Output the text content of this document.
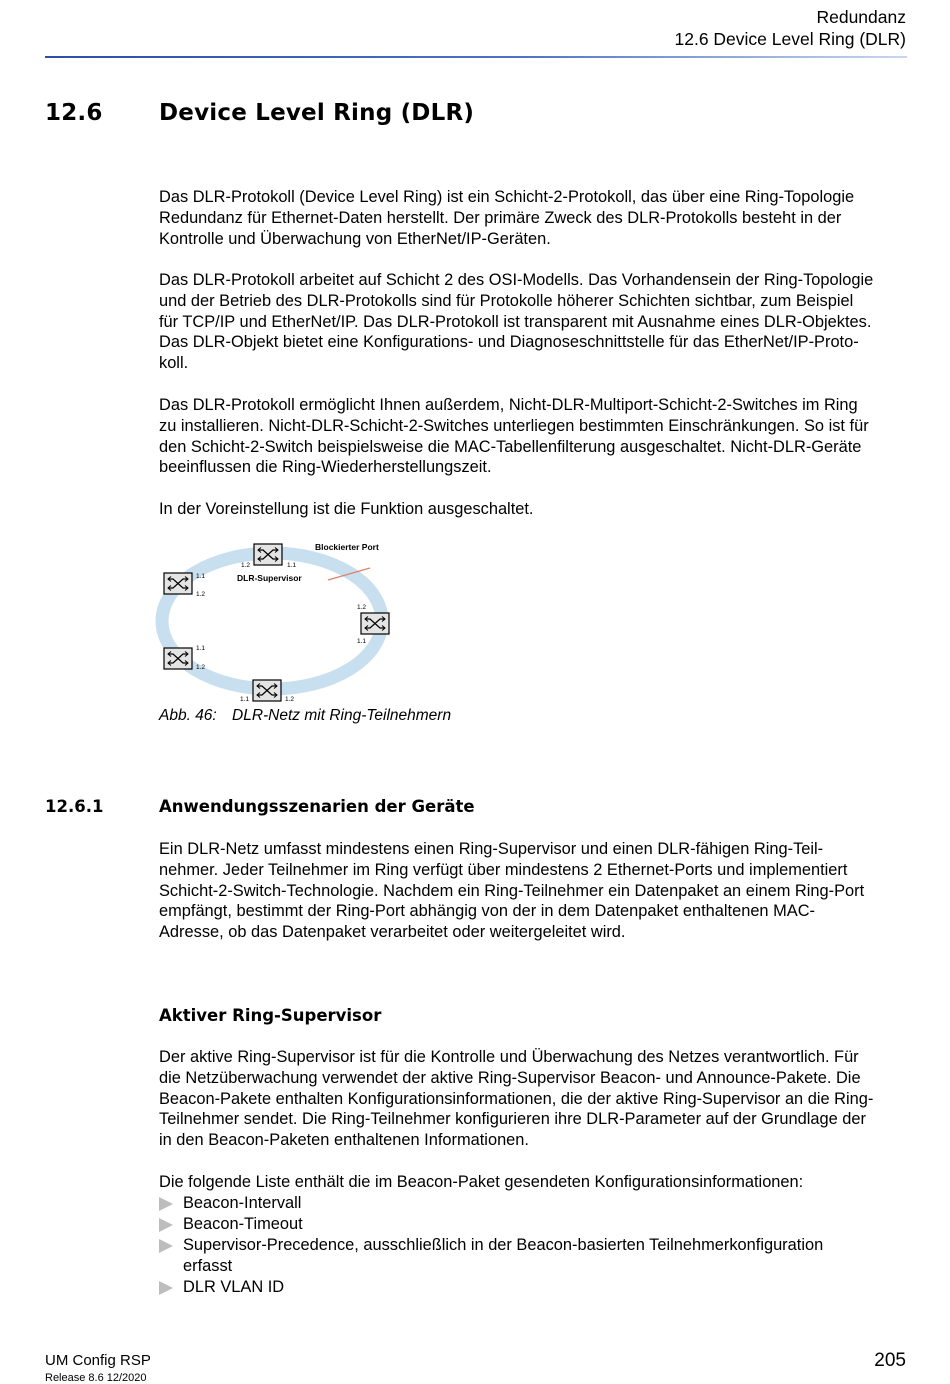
Redundanz
12.6 Device Level Ring (DLR)
12.6 Device Level Ring (DLR)

Das DLR-Protokoll (Device Level Ring) ist ein Schicht-2-Protokoll, das über eine Ring-Topologie
Redundanz für Ethernet-Daten herstellt. Der primäre Zweck des DLR-Protokolls besteht in der
Kontrolle und Überwachung von EtherNet/IP-Geräten.

Das DLR-Protokoll arbeitet auf Schicht 2 des OSI-Modells. Das Vorhandensein der Ring-Topologie
und der Betrieb des DLR-Protokolls sind für Protokolle höherer Schichten sichtbar, zum Beispiel
für TCP/IP und EtherNet/IP. Das DLR-Protokoll ist transparent mit Ausnahme eines DLR-Objektes.
Das DLR-Objekt bietet eine Konfigurations- und Diagnoseschnittstelle für das EtherNet/IP-Proto-
koll.

Das DLR-Protokoll ermöglicht Ihnen außerdem, Nicht-DLR-Multiport-Schicht-2-Switches im Ring
zu installieren. Nicht-DLR-Schicht-2-Switches unterliegen bestimmten Einschränkungen. So ist für
den Schicht-2-Switch beispielsweise die MAC-Tabellenfilterung ausgeschaltet. Nicht-DLR-Geräte
beeinflussen die Ring-Wiederherstellungszeit.

In der Voreinstellung ist die Funktion ausgeschaltet.

Blockierter Port
DLR-Supervisor
1.2	1.1
1.1
1.2
1.2
1.1
1.1
1.2
1.1	1.2
Abb. 46: DLR-Netz mit Ring-Teilnehmern
12.6.1	Anwendungsszenarien der Geräte

Ein DLR-Netz umfasst mindestens einen Ring-Supervisor und einen DLR-fähigen Ring-Teil-
nehmer. Jeder Teilnehmer im Ring verfügt über mindestens 2 Ethernet-Ports und implementiert
Schicht-2-Switch-Technologie. Nachdem ein Ring-Teilnehmer ein Datenpaket an einem Ring-Port
empfängt, bestimmt der Ring-Port abhängig von der in dem Datenpaket enthaltenen MAC-
Adresse, ob das Datenpaket verarbeitet oder weitergeleitet wird.

Aktiver Ring-Supervisor

Der aktive Ring-Supervisor ist für die Kontrolle und Überwachung des Netzes verantwortlich. Für
die Netzüberwachung verwendet der aktive Ring-Supervisor Beacon- und Announce-Pakete. Die
Beacon-Pakete enthalten Konfigurationsinformationen, die der aktive Ring-Supervisor an die Ring-
Teilnehmer sendet. Die Ring-Teilnehmer konfigurieren ihre DLR-Parameter auf der Grundlage der
in den Beacon-Paketen enthaltenen Informationen.

Die folgende Liste enthält die im Beacon-Paket gesendeten Konfigurationsinformationen:

Beacon-Intervall
Beacon-Timeout
Supervisor-Precedence, ausschließlich in der Beacon-basierten Teilnehmerkonfiguration
erfasst
DLR VLAN ID
UM Config RSP
Release 8.6 12/2020
205
